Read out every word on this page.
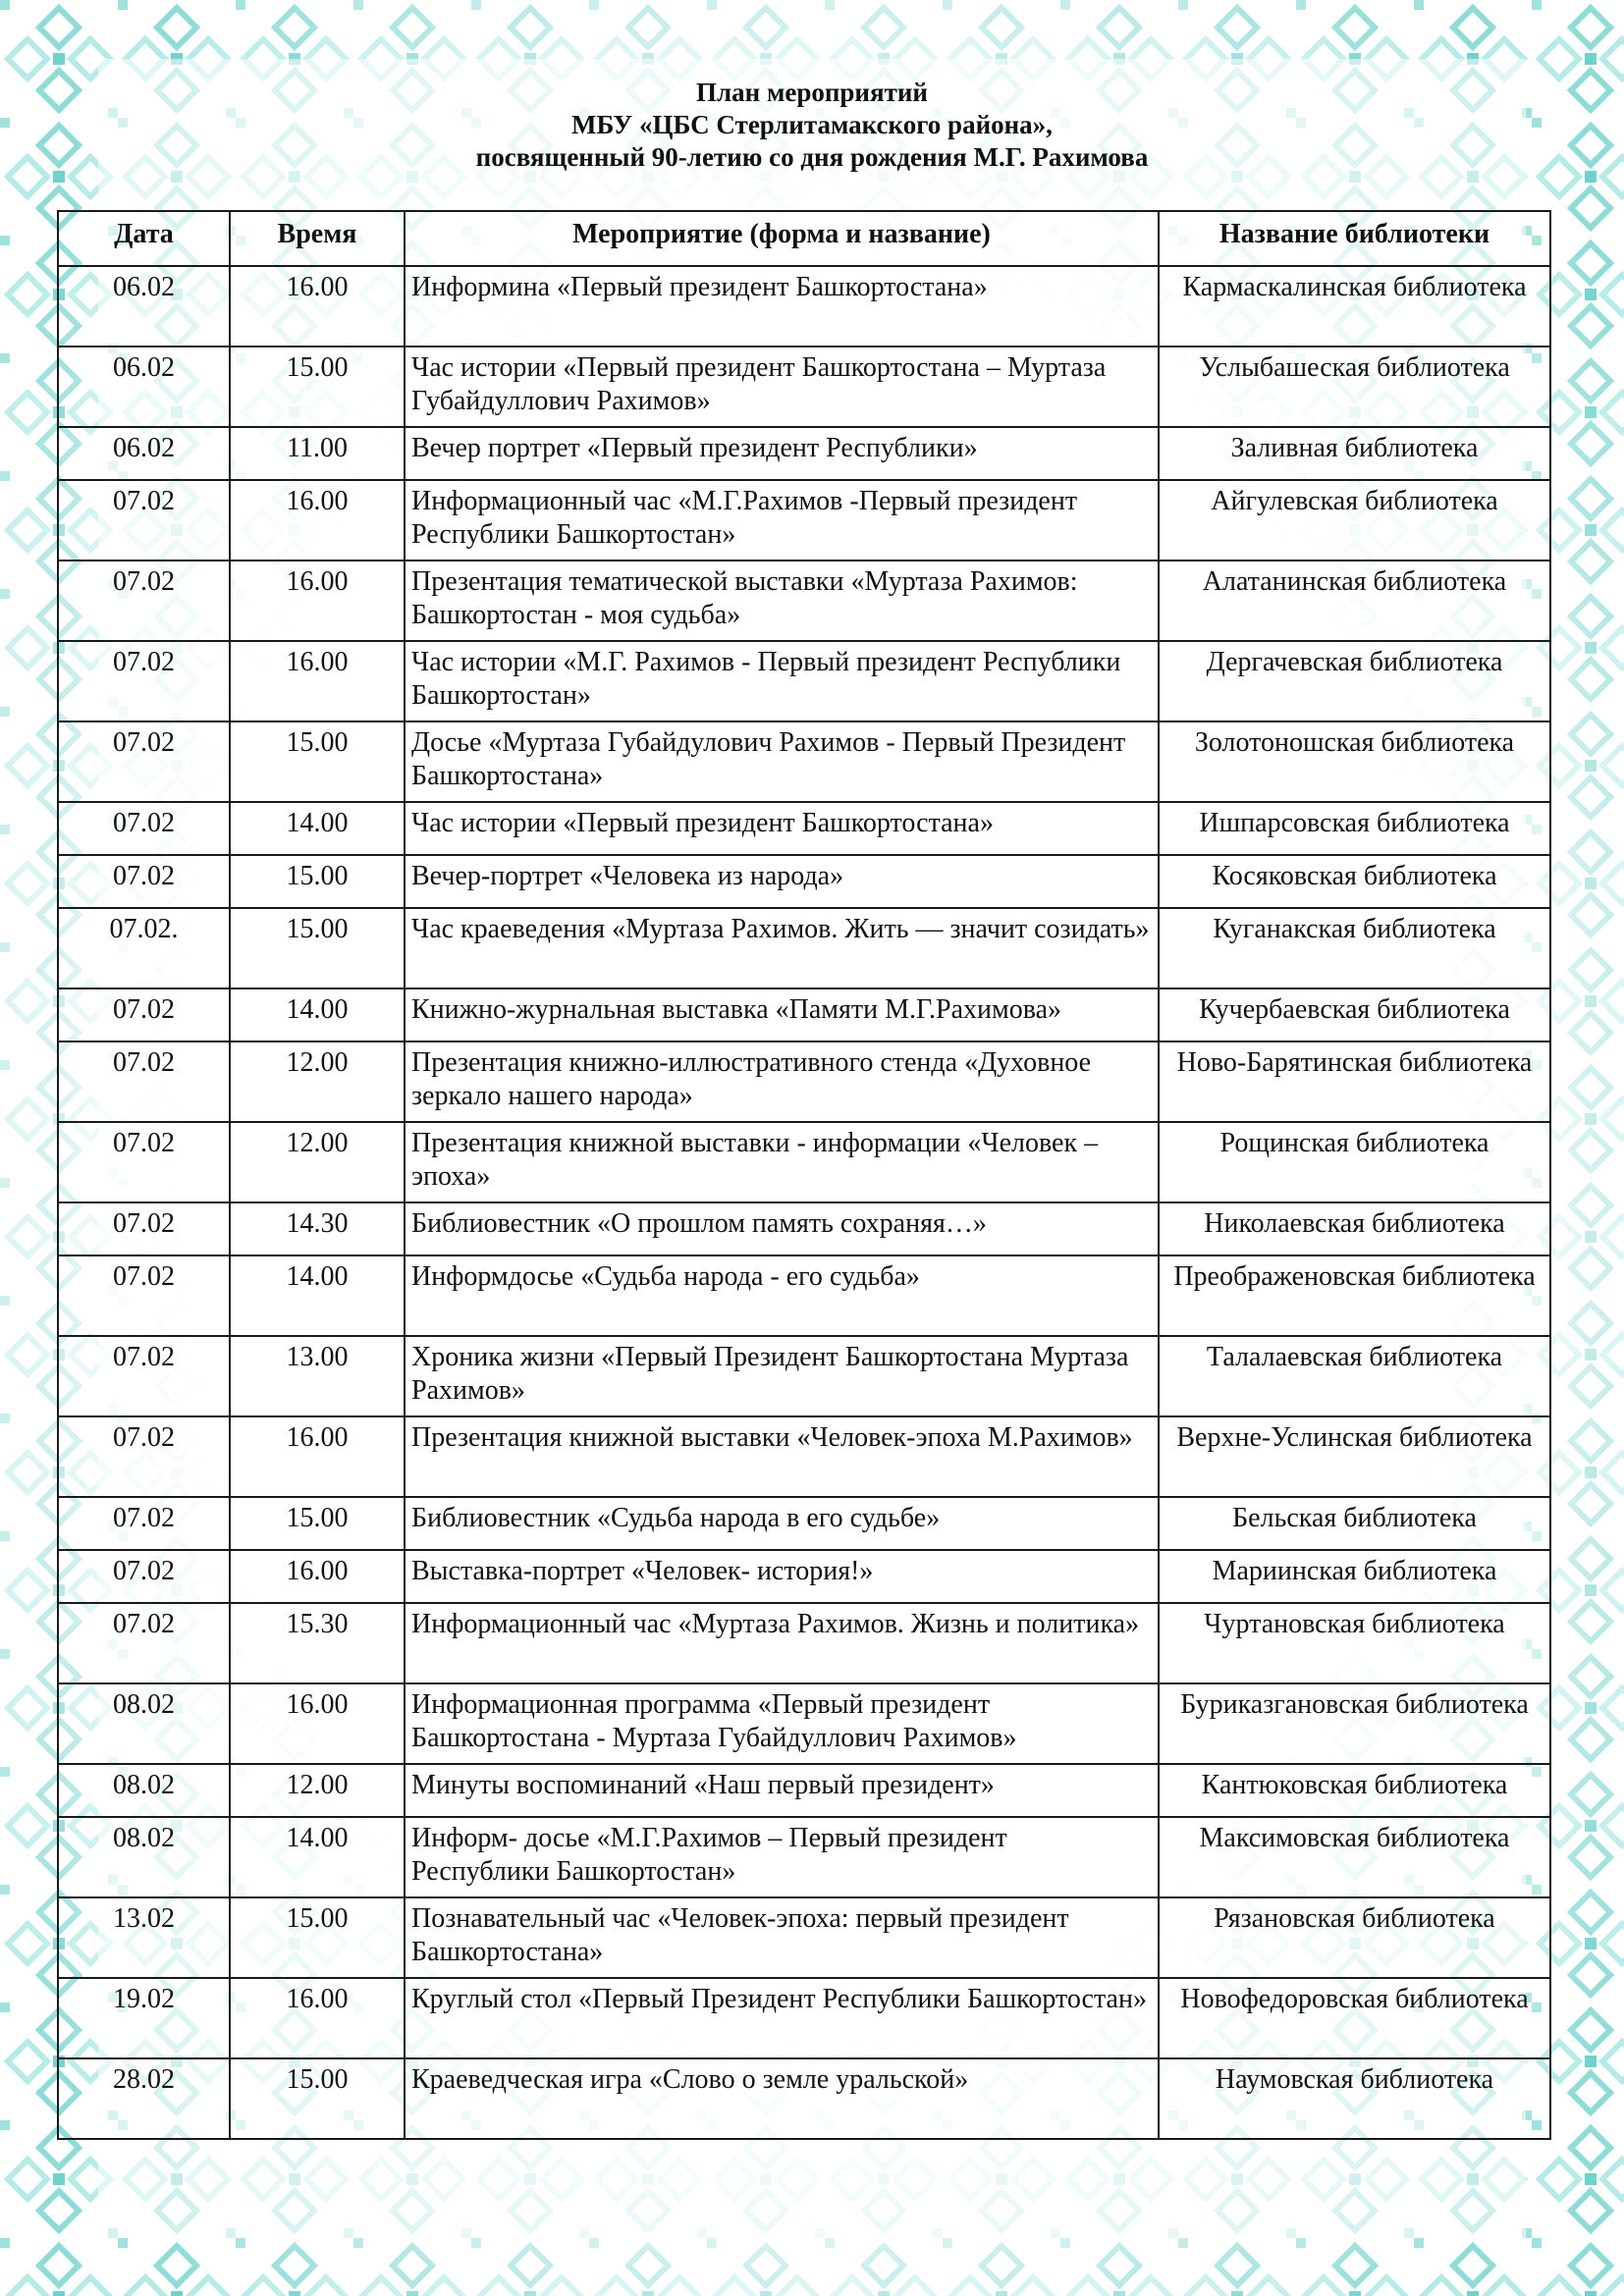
План мероприятий
МБУ «ЦБС Стерлитамакского района»,
посвященный 90-летию со дня рождения М.Г. Рахимова
Дата	Время	Мероприятие (форма и название)	Название библиотеки
06.02	16.00	Информина «Первый президент Башкортостана»	Кармаскалинская библиотека
06.02	15.00	Час истории «Первый президент Башкортостана – Муртаза Губайдуллович Рахимов»	Услыбашеская библиотека
06.02	11.00	Вечер портрет «Первый президент Республики»	Заливная библиотека
07.02	16.00	Информационный час «М.Г.Рахимов -Первый президент Республики Башкортостан»	Айгулевская библиотека
07.02	16.00	Презентация тематической выставки «Муртаза Рахимов: Башкортостан - моя судьба»	Алатанинская библиотека
07.02	16.00	Час истории «М.Г. Рахимов - Первый президент Республики Башкортостан»	Дергачевская библиотека
07.02	15.00	Досье «Муртаза Губайдулович Рахимов - Первый Президент Башкортостана»	Золотоношская библиотека
07.02	14.00	Час истории «Первый президент Башкортостана»	Ишпарсовская библиотека
07.02	15.00	Вечер-портрет «Человека из народа»	Косяковская библиотека
07.02.	15.00	Час краеведения «Муртаза Рахимов. Жить — значит созидать»	Куганакская библиотека
07.02	14.00	Книжно-журнальная выставка «Памяти М.Г.Рахимова»	Кучербаевская библиотека
07.02	12.00	Презентация книжно-иллюстративного стенда «Духовное зеркало нашего народа»	Ново-Барятинская библиотека
07.02	12.00	Презентация книжной выставки - информации «Человек – эпоха»	Рощинская библиотека
07.02	14.30	Библиовестник «О прошлом память сохраняя…»	Николаевская библиотека
07.02	14.00	Информдосье «Судьба народа - его судьба»	Преображеновская библиотека
07.02	13.00	Хроника жизни «Первый Президент Башкортостана Муртаза Рахимов»	Талалаевская библиотека
07.02	16.00	Презентация книжной выставки «Человек-эпоха М.Рахимов»	Верхне-Услинская библиотека
07.02	15.00	Библиовестник «Судьба народа в его судьбе»	Бельская библиотека
07.02	16.00	Выставка-портрет «Человек- история!»	Мариинская библиотека
07.02	15.30	Информационный час «Муртаза Рахимов. Жизнь и политика»	Чуртановская библиотека
08.02	16.00	Информационная программа «Первый президент Башкортостана - Муртаза Губайдуллович Рахимов»	Буриказгановская библиотека
08.02	12.00	Минуты воспоминаний «Наш первый президент»	Кантюковская библиотека
08.02	14.00	Информ- досье «М.Г.Рахимов – Первый президент Республики Башкортостан»	Максимовская библиотека
13.02	15.00	Познавательный час «Человек-эпоха: первый президент Башкортостана»	Рязановская библиотека
19.02	16.00	Круглый стол «Первый Президент Республики Башкортостан»	Новофедоровская библиотека
28.02	15.00	Краеведческая игра «Слово о земле уральской»	Наумовская библиотека
